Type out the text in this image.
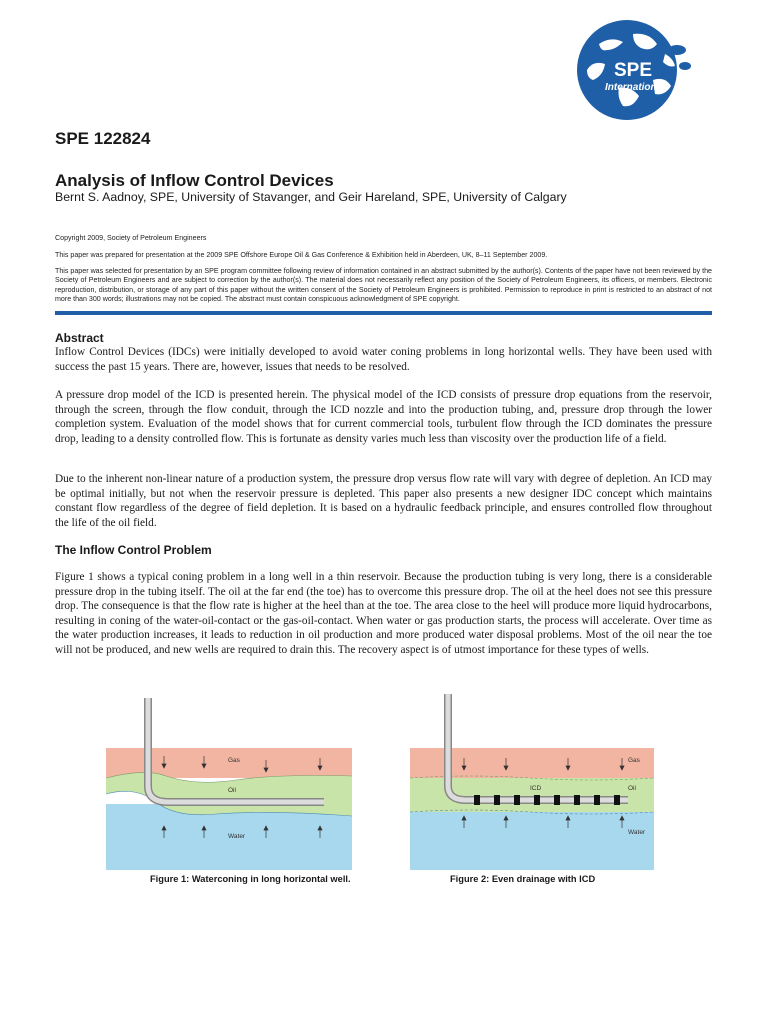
SPE
International
SPE 122824
Analysis of Inflow Control Devices
Bernt S. Aadnoy, SPE, University of Stavanger, and Geir Hareland, SPE, University of Calgary

Copyright 2009, Society of Petroleum Engineers

This paper was prepared for presentation at the 2009 SPE Offshore Europe Oil & Gas Conference & Exhibition held in Aberdeen, UK, 8–11 September 2009.

This paper was selected for presentation by an SPE program committee following review of information contained in an abstract submitted by the author(s). Contents of the paper have not been reviewed by the Society of Petroleum Engineers and are subject to correction by the author(s). The material does not necessarily reflect any position of the Society of Petroleum Engineers, its officers, or members. Electronic reproduction, distribution, or storage of any part of this paper without the written consent of the Society of Petroleum Engineers is prohibited. Permission to reproduce in print is restricted to an abstract of not more than 300 words; illustrations may not be copied. The abstract must contain conspicuous acknowledgment of SPE copyright.

Abstract

Inflow Control Devices (IDCs) were initially developed to avoid water coning problems in long horizontal wells. They have been used with success the past 15 years. There are, however, issues that needs to be resolved.

A pressure drop model of the ICD is presented herein. The physical model of the ICD consists of pressure drop equations from the reservoir, through the screen, through the flow conduit, through the ICD nozzle and into the production tubing, and, pressure drop through the lower completion system. Evaluation of the model shows that for current commercial tools, turbulent flow through the ICD dominates the pressure drop, leading to a density controlled flow. This is fortunate as density varies much less than viscosity over the production life of a field.

Due to the inherent non-linear nature of a production system, the pressure drop versus flow rate will vary with degree of depletion. An ICD may be optimal initially, but not when the reservoir pressure is depleted. This paper also presents a new designer IDC concept which maintains constant flow regardless of the degree of field depletion. It is based on a hydraulic feedback principle, and ensures controlled flow throughout the life of the oil field.

The Inflow Control Problem

Figure 1 shows a typical coning problem in a long well in a thin reservoir. Because the production tubing is very long, there is a considerable pressure drop in the tubing itself. The oil at the far end (the toe) has to overcome this pressure drop. The oil at the heel does not see this pressure drop. The consequence is that the flow rate is higher at the heel than at the toe. The area close to the heel will produce more liquid hydrocarbons, resulting in coning of the water-oil-contact or the gas-oil-contact. When water or gas production starts, the process will accelerate. Over time as the water production increases, it leads to reduction in oil production and more produced water disposal problems. Most of the oil near the toe will not be produced, and new wells are required to drain this. The recovery aspect is of utmost importance for these types of wells.

Gas
Oil
Water
Gas
ICD	Oil
Water
Figure 1: Waterconing in long horizontal well.	Figure 2: Even drainage with ICD
